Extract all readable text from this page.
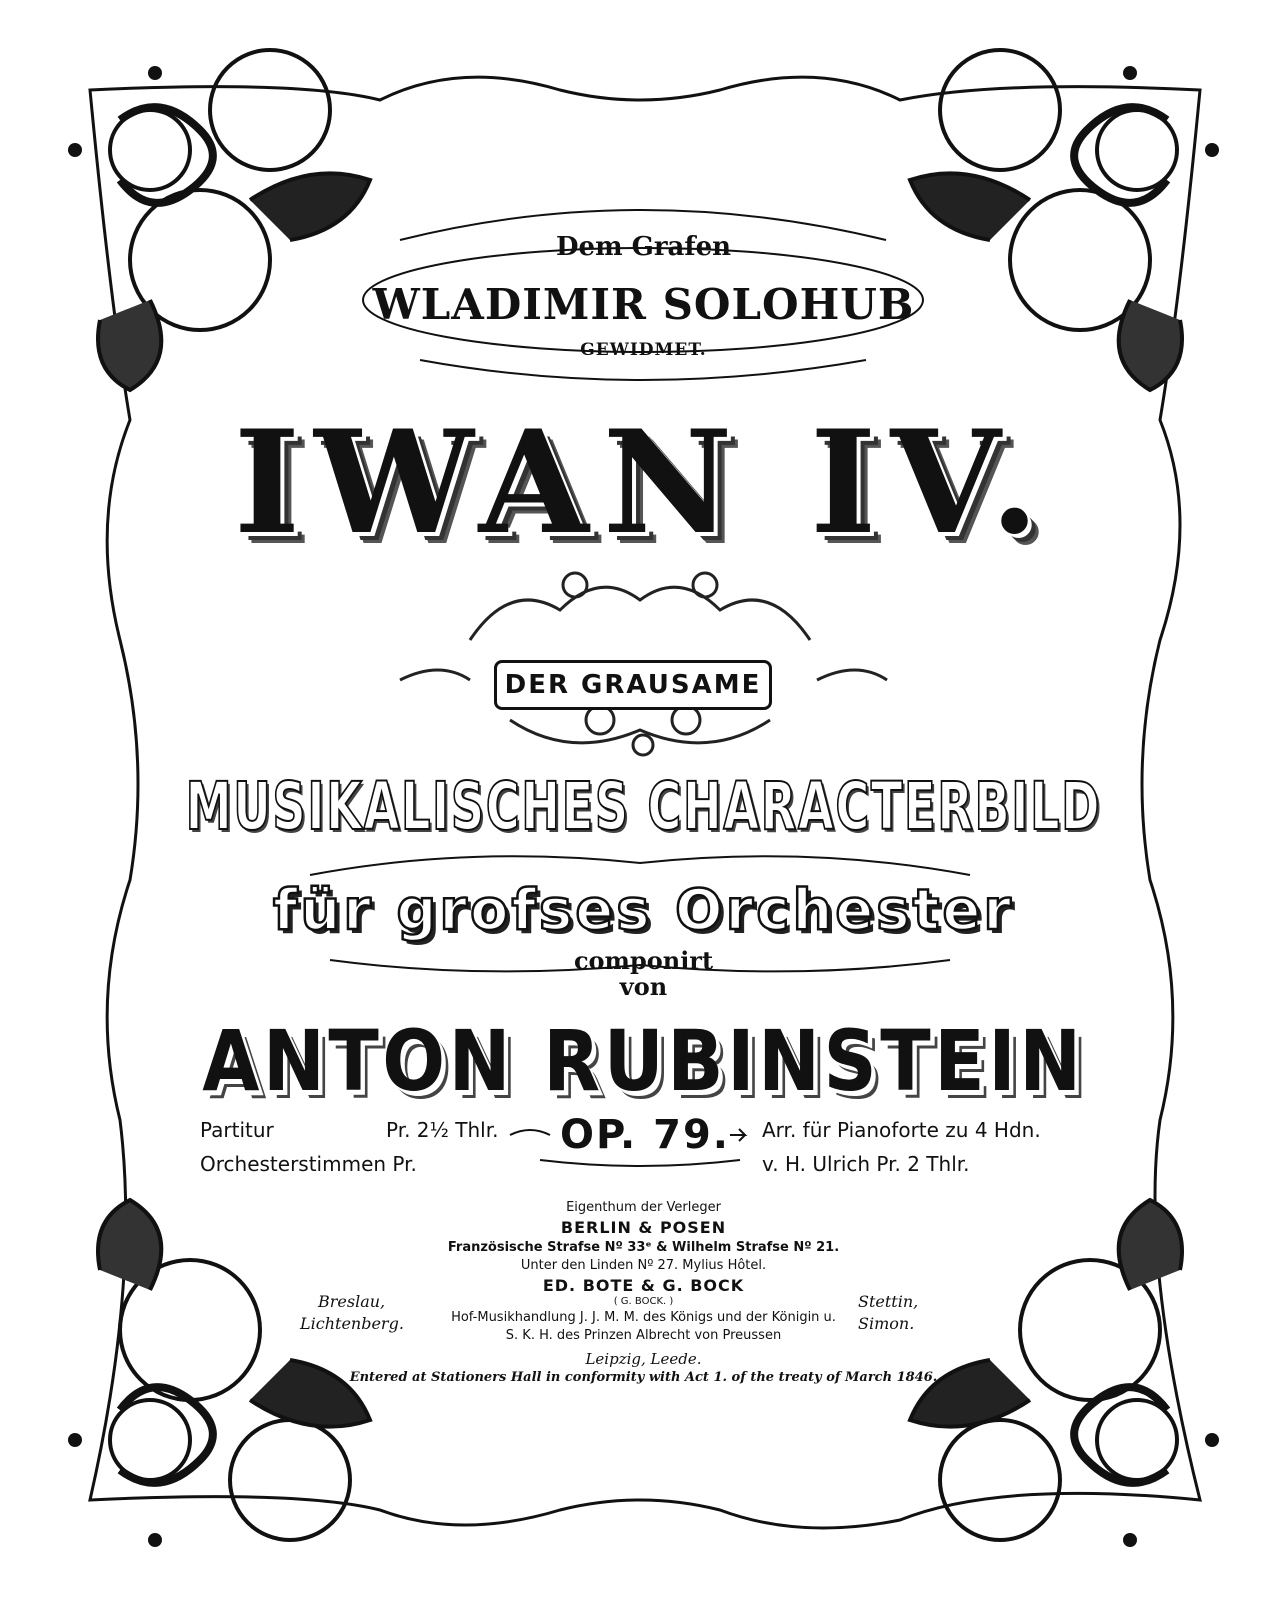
Dem Grafen
WLADIMIR SOLOHUB
GEWIDMET.
IWAN IV.
DER GRAUSAME
MUSIKALISCHES CHARACTERBILD
für grofses Orchester
componirt
von
ANTON RUBINSTEIN
Partitur	Pr. 2½ Thlr.
Orchesterstimmen Pr.
OP. 79. Arr. für Pianoforte zu 4 Hdn.
v. H. Ulrich Pr. 2 Thlr.
Eigenthum der Verleger
BERLIN & POSEN
Französische Strafse Nº 33ᵉ & Wilhelm Strafse Nº 21.
Unter den Linden Nº 27. Mylius Hôtel.
ED. BOTE & G. BOCK
( G. BOCK. )
Hof-Musikhandlung J. J. M. M. des Königs und der Königin u.
S. K. H. des Prinzen Albrecht von Preussen
Leipzig, Leede.
Entered at Stationers Hall in conformity with Act 1. of the treaty of March 1846.
Breslau,
Lichtenberg.
Stettin,
Simon.
